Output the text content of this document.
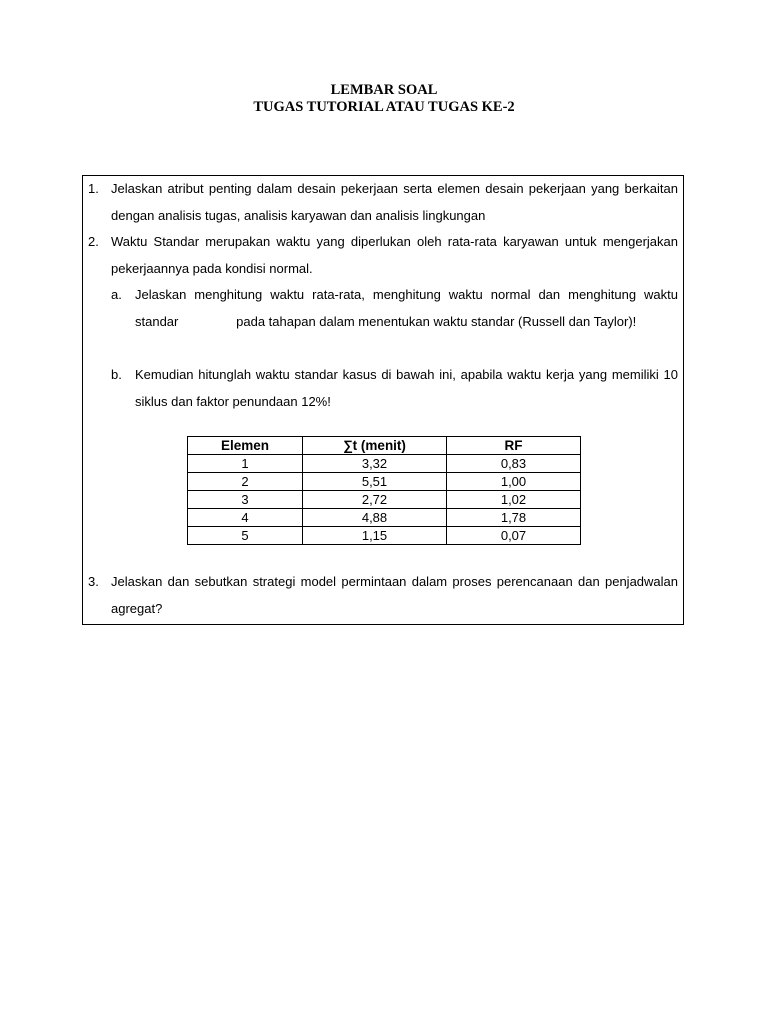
LEMBAR SOAL
TUGAS TUTORIAL ATAU TUGAS KE-2
1. Jelaskan atribut penting dalam desain pekerjaan serta elemen desain pekerjaan yang berkaitan dengan analisis tugas, analisis karyawan dan analisis lingkungan
2. Waktu Standar merupakan waktu yang diperlukan oleh rata-rata karyawan untuk mengerjakan pekerjaannya pada kondisi normal.
a. Jelaskan menghitung waktu rata-rata, menghitung waktu normal dan menghitung waktu standar                pada tahapan dalam menentukan waktu standar (Russell dan Taylor)!
b. Kemudian hitunglah waktu standar kasus di bawah ini, apabila waktu kerja yang memiliki 10 siklus dan faktor penundaan 12%!
Elemen	∑t (menit)	RF
1	3,32	0,83
2	5,51	1,00
3	2,72	1,02
4	4,88	1,78
5	1,15	0,07
3. Jelaskan dan sebutkan strategi model permintaan dalam proses perencanaan dan penjadwalan agregat?
